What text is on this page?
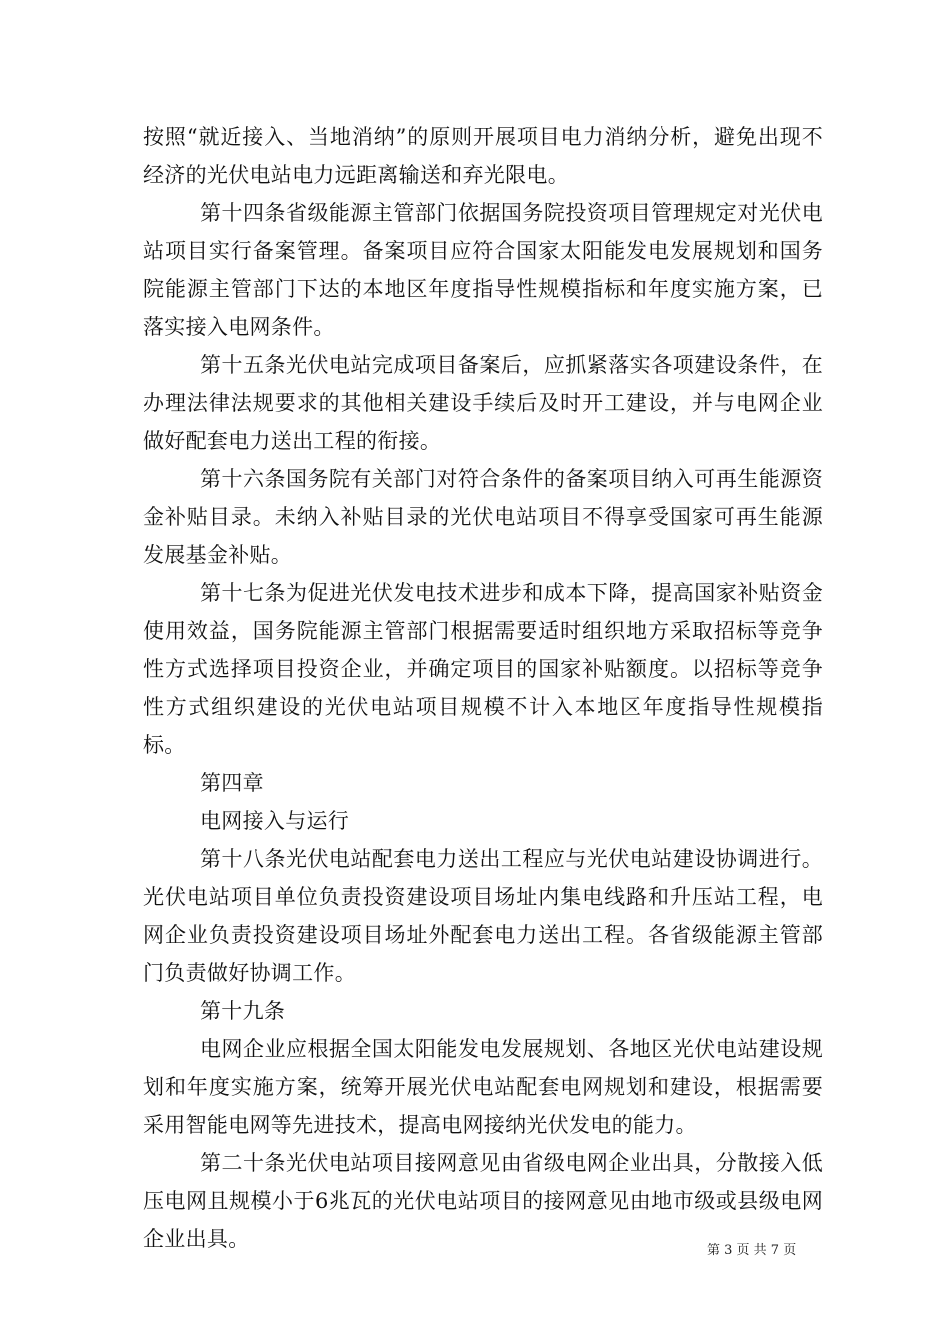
按照“就近接入、当地消纳”的原则开展项目电力消纳分析，避免出现不经济的光伏电站电力远距离输送和弃光限电。

第十四条省级能源主管部门依据国务院投资项目管理规定对光伏电站项目实行备案管理。备案项目应符合国家太阳能发电发展规划和国务院能源主管部门下达的本地区年度指导性规模指标和年度实施方案，已落实接入电网条件。

第十五条光伏电站完成项目备案后，应抓紧落实各项建设条件，在办理法律法规要求的其他相关建设手续后及时开工建设，并与电网企业做好配套电力送出工程的衔接。

第十六条国务院有关部门对符合条件的备案项目纳入可再生能源资金补贴目录。未纳入补贴目录的光伏电站项目不得享受国家可再生能源发展基金补贴。

第十七条为促进光伏发电技术进步和成本下降，提高国家补贴资金使用效益，国务院能源主管部门根据需要适时组织地方采取招标等竞争性方式选择项目投资企业，并确定项目的国家补贴额度。以招标等竞争性方式组织建设的光伏电站项目规模不计入本地区年度指导性规模指标。

第四章

电网接入与运行

第十八条光伏电站配套电力送出工程应与光伏电站建设协调进行。光伏电站项目单位负责投资建设项目场址内集电线路和升压站工程，电网企业负责投资建设项目场址外配套电力送出工程。各省级能源主管部门负责做好协调工作。

第十九条

电网企业应根据全国太阳能发电发展规划、各地区光伏电站建设规划和年度实施方案，统筹开展光伏电站配套电网规划和建设，根据需要采用智能电网等先进技术，提高电网接纳光伏发电的能力。

第二十条光伏电站项目接网意见由省级电网企业出具，分散接入低压电网且规模小于6兆瓦的光伏电站项目的接网意见由地市级或县级电网企业出具。	第 3 页 共 7 页
